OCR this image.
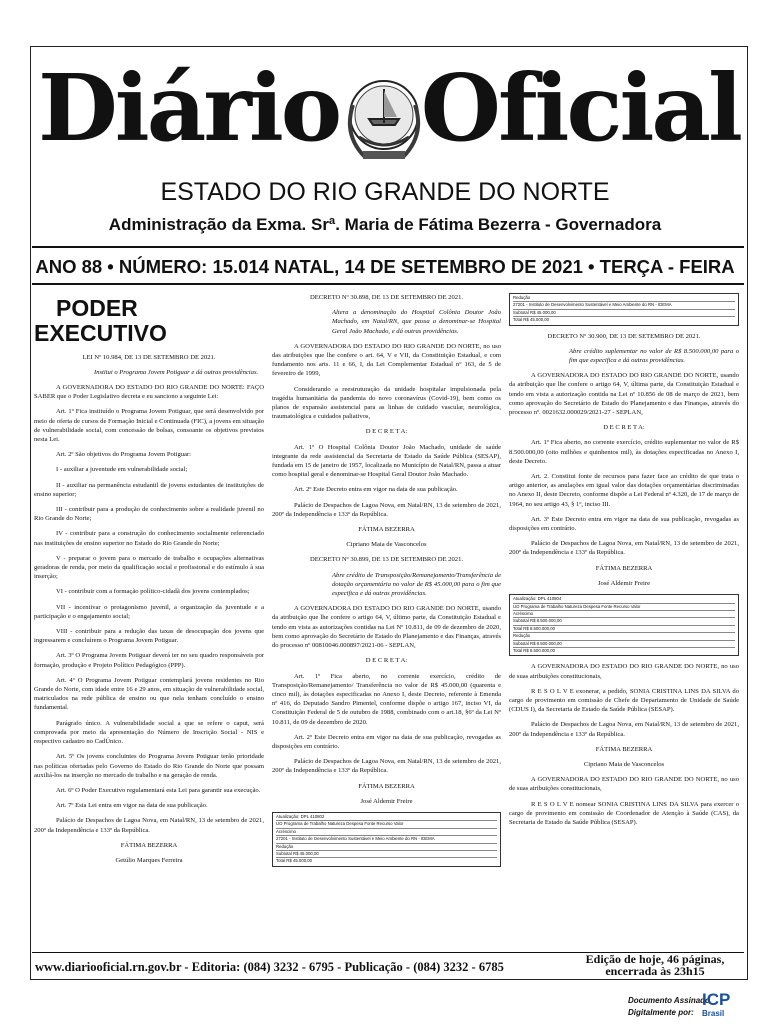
Diário Oficial
ESTADO DO RIO GRANDE DO NORTE
Administração da Exma. Srª. Maria de Fátima Bezerra - Governadora
ANO 88 • NÚMERO: 15.014 NATAL, 14 DE SETEMBRO DE 2021 • TERÇA - FEIRA

PODER EXECUTIVO

LEI Nº 10.984, DE 13 DE SETEMBRO DE 2021.

Institui o Programa Jovem Potiguar e dá outras providências.

A GOVERNADORA DO ESTADO DO RIO GRANDE DO NORTE: FAÇO SABER que o Poder Legislativo decreta e eu sanciono a seguinte Lei:

Art. 1º Fica instituído o Programa Jovem Potiguar, que será desenvolvido por meio de oferta de cursos de Formação Inicial e Continuada (FIC), a jovens em situação de vulnerabilidade social, com concessão de bolsas, consoante os objetivos previstos nesta Lei.

Art. 2º São objetivos do Programa Jovem Potiguar:

I - auxiliar a juventude em vulnerabilidade social;

II - auxiliar na permanência estudantil de jovens estudantes de instituições de ensino superior;

III - contribuir para a produção de conhecimento sobre a realidade juvenil no Rio Grande do Norte;

IV - contribuir para a construção do conhecimento socialmente referenciado nas instituições de ensino superior no Estado do Rio Grande do Norte;

V - preparar o jovem para o mercado de trabalho e ocupações alternativas geradoras de renda, por meio da qualificação social e profissional e do estímulo à sua inserção;

VI - contribuir com a formação político-cidadã dos jovens contemplados;

VII - incentivar o protagonismo juvenil, a organização da juventude e a participação e o engajamento social;

VIII - contribuir para a redução das taxas de desocupação dos jovens que ingressarem e concluírem o Programa Jovem Potiguar.

Art. 3º O Programa Jovem Potiguar deverá ter no seu quadro responsáveis por formação, produção e Projeto Político Pedagógico (PPP).

Art. 4º O Programa Jovem Potiguar contemplará jovens residentes no Rio Grande do Norte, com idade entre 16 e 29 anos, em situação de vulnerabilidade social, matriculados na rede pública de ensino ou que nela tenham concluído o ensino fundamental.

Parágrafo único. A vulnerabilidade social a que se refere o caput, será comprovada por meio da apresentação do Número de Inscrição Social - NIS e respectivo cadastro no CadÚnico.

Art. 5º Os jovens concluintes do Programa Jovem Potiguar terão prioridade nas políticas ofertadas pelo Governo do Estado do Rio Grande do Norte que possam auxiliá-los na inserção no mercado de trabalho e na geração de renda.

Art. 6º O Poder Executivo regulamentará esta Lei para garantir sua execução.

Art. 7º Esta Lei entra em vigor na data de sua publicação.

Palácio de Despachos de Lagoa Nova, em Natal/RN, 13 de setembro de 2021, 200º da Independência e 133º da República.

FÁTIMA BEZERRA

Getúlio Marques Ferreira

DECRETO Nº 30.898, DE 13 DE SETEMBRO DE 2021.

Altera a denominação do Hospital Colônia Doutor João Machado, em Natal/RN, que passa a denominar-se Hospital Geral João Machado, e dá outras providências.

A GOVERNADORA DO ESTADO DO RIO GRANDE DO NORTE, no uso das atribuições que lhe confere o art. 64, V e VII, da Constituição Estadual, e com fundamento nos arts. 11 e 66, I, da Lei Complementar Estadual nº 163, de 5 de fevereiro de 1999,

Considerando a reestruturação da unidade hospitalar impulsionada pela tragédia humanitária da pandemia do novo coronavírus (Covid-19), bem como os planos de expansão assistencial para as linhas de cuidado vascular, neurológica, traumatológica e cuidados paliativos,

D E C R E T A:

Art. 1º O Hospital Colônia Doutor João Machado, unidade de saúde integrante da rede assistencial da Secretaria de Estado da Saúde Pública (SESAP), fundada em 15 de janeiro de 1957, localizada no Município de Natal/RN, passa a atuar como hospital geral e denominar-se Hospital Geral Doutor João Machado.

Art. 2º Este Decreto entra em vigor na data de sua publicação.

Palácio de Despachos de Lagoa Nova, em Natal/RN, 13 de setembro de 2021, 200º da Independência e 133º da República.

FÁTIMA BEZERRA

Cipriano Maia de Vasconcelos

DECRETO Nº 30.899, DE 13 DE SETEMBRO DE 2021.

Abre crédito de Transposição/Remanejamento/Transferência de dotação orçamentária no valor de R$ 45.000,00 para o fim que especifica e dá outras providências.

A GOVERNADORA DO ESTADO DO RIO GRANDE DO NORTE, usando da atribuição que lhe confere o artigo 64, V, último parte, da Constituição Estadual e tendo em vista as autorizações contidas na Lei Nº 10.811, de 09 de dezembro de 2020, bem como aprovação do Secretário de Estado do Planejamento e das Finanças, através do processo nº 00810046.000897/2021-06 - SEPLAN,

D E C R E T A:

Art. 1º Fica aberto, no corrente exercício, crédito de Transposição/Remanejamento/ Transferência no valor de R$ 45.000,00 (quarenta e cinco mil), às dotações especificadas no Anexo I, deste Decreto, referente à Emenda nº 416, do Deputado Sandro Pimentel, conforme dispõe o artigo 167, inciso VI, da Constituição Federal de 5 de outubro de 1988, combinado com o art.18, §6º da Lei Nº 10.811, de 09 de dezembro de 2020.

Art. 2º Este Decreto entra em vigor na data de sua publicação, revogadas as disposições em contrário.

Palácio de Despachos de Lagoa Nova, em Natal/RN, 13 de setembro de 2021, 200º da Independência e 133º da República.

FÁTIMA BEZERRA

José Aldemir Freire

Atualização: DPL 410802
UO Programa de Trabalho Natureza Despesa Fonte Recurso Valor
Acréscimo
27201 - Instituto de Desenvolvimento Sustentável e Meio Ambiente do RN - IDEMA
Redução
Subtotal R$ 45.000,00
Total R$ 45.000,00
Redução
27201 - Instituto de Desenvolvimento Sustentável e Meio Ambiente do RN - IDEMA
Subtotal R$ 45.000,00
Total R$ 45.000,00

DECRETO Nº 30.900, DE 13 DE SETEMBRO DE 2021.

Abre crédito suplementar no valor de R$ 8.500.000,00 para o fim que especifica e dá outras providências.

A GOVERNADORA DO ESTADO DO RIO GRANDE DO NORTE, usando da atribuição que lhe confere o artigo 64, V, última parte, da Constituição Estadual e tendo em vista a autorização contida na Lei nº 10.856 de 08 de março de 2021, bem como aprovação do Secretário de Estado do Planejamento e das Finanças, através do processo nº. 0021632.000029/2021-27 - SEPLAN,

D E C R E T A:

Art. 1º Fica aberto, no corrente exercício, crédito suplementar no valor de R$ 8.500.000,00 (oito milhões e quinhentos mil), às dotações especificadas no Anexo I, deste Decreto.

Art. 2. Constitui fonte de recursos para fazer face ao crédito de que trata o artigo anterior, as anulações em igual valor das dotações orçamentárias discriminadas no Anexo II, deste Decreto, conforme dispõe a Lei Federal nº 4.320, de 17 de março de 1964, no seu artigo 43, § 1º, inciso III.

Art. 3º Este Decreto entra em vigor na data de sua publicação, revogadas as disposições em contrário.

Palácio de Despachos de Lagoa Nova, em Natal/RN, 13 de setembro de 2021, 200º da Independência e 133º da República.

FÁTIMA BEZERRA

José Aldemir Freire

Atualização: DPL 410804
UO Programa de Trabalho Natureza Despesa Fonte Recurso Valor
Acréscimo
Subtotal R$ 8.500.000,00
Total R$ 8.500.000,00
Redução
Subtotal R$ 8.500.000,00
Total R$ 8.500.000,00

A GOVERNADORA DO ESTADO DO RIO GRANDE DO NORTE, no uso de suas atribuições constitucionais,

R E S O L V E exonerar, a pedido, SONIA CRISTINA LINS DA SILVA do cargo de provimento em comissão de Chefe de Departamento de Unidade de Saúde (CDUS I), da Secretaria de Estado da Saúde Pública (SESAP).

Palácio de Despachos de Lagoa Nova, em Natal/RN, 13 de setembro de 2021, 200º da Independência e 133º da República.

FÁTIMA BEZERRA

Cipriano Maia de Vasconcelos

A GOVERNADORA DO ESTADO DO RIO GRANDE DO NORTE, no uso de suas atribuições constitucionais,

R E S O L V E nomear SONIA CRISTINA LINS DA SILVA para exercer o cargo de provimento em comissão de Coordenador de Atenção à Saúde (CAS), da Secretaria de Estado da Saúde Pública (SESAP).

www.diariooficial.rn.gov.br - Editoria: (084) 3232 - 6795 - Publicação - (084) 3232 - 6785
Edição de hoje, 46 páginas,
encerrada às 23h15
Documento Assinado
Digitalmente por:
ICP
Brasil
